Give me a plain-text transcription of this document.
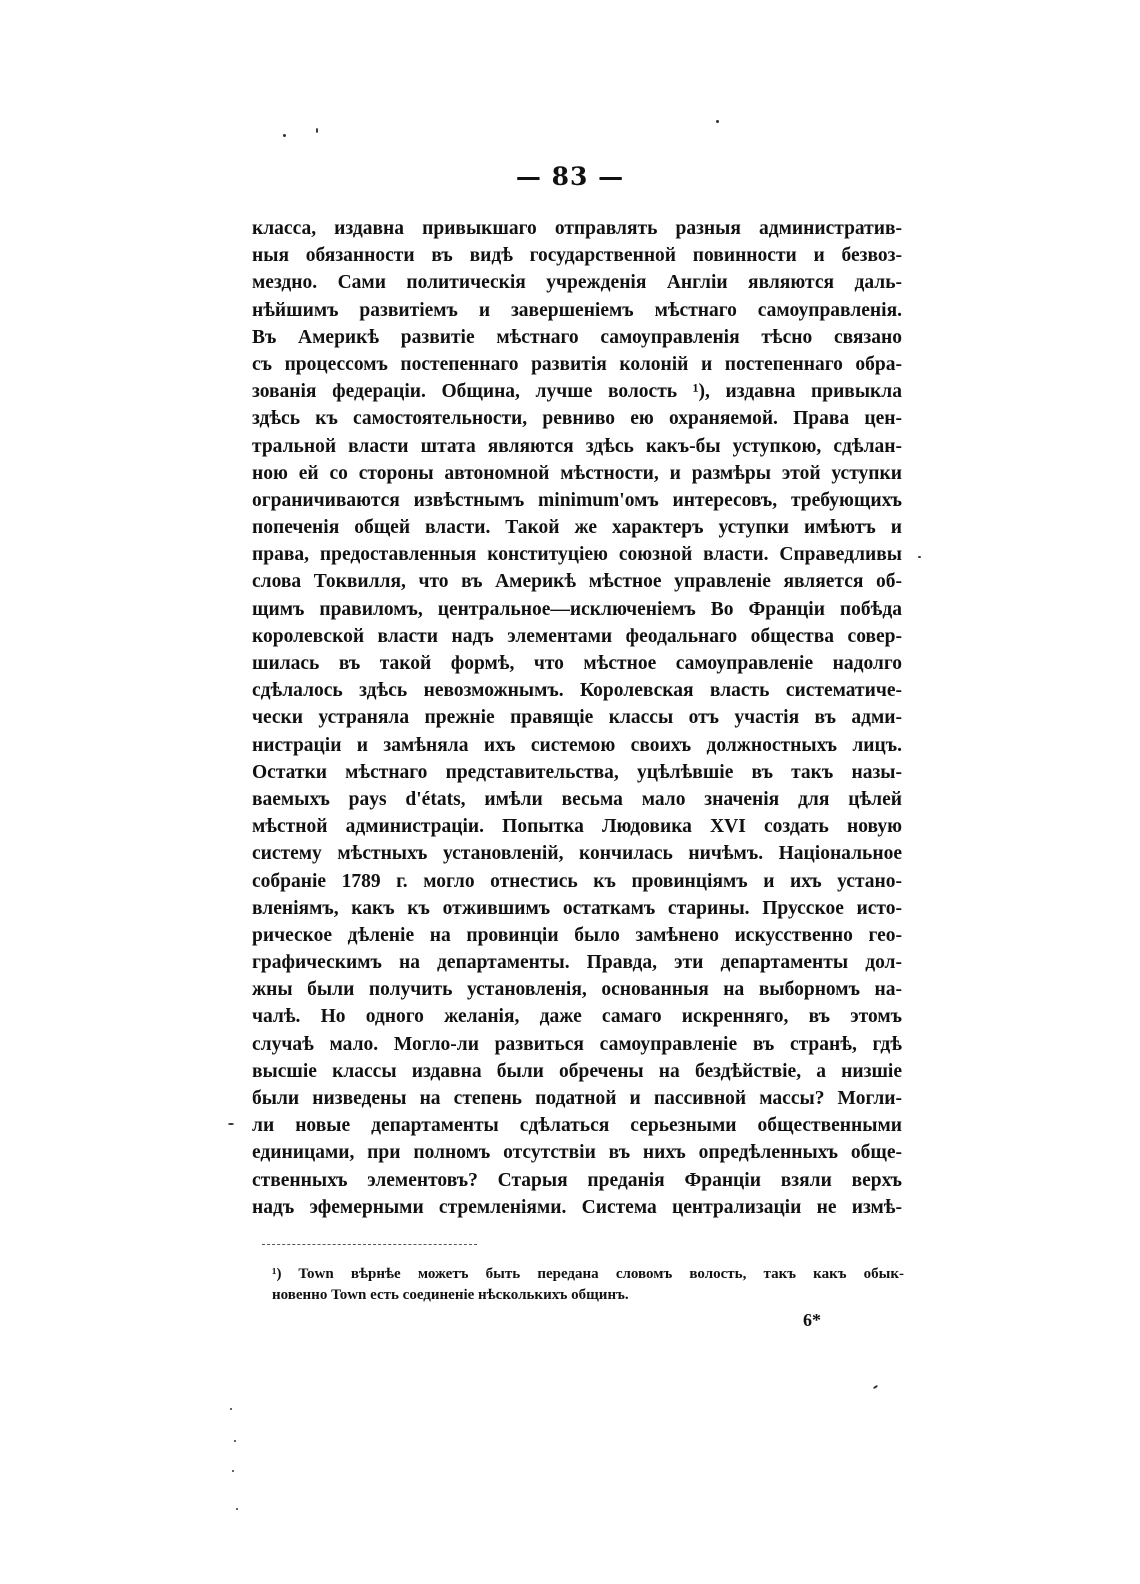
— 83 —
класса, издавна привыкшаго отправлять разныя административ-
ныя обязанности въ видѣ государственной повинности и безвоз-
мездно. Сами политическія учрежденія Англіи являются даль-
нѣйшимъ развитіемъ и завершеніемъ мѣстнаго самоуправленія.
Въ Америкѣ развитіе мѣстнаго самоуправленія тѣсно связано
съ процессомъ постепеннаго развитія колоній и постепеннаго обра-
зованія федераціи. Община, лучше волость ¹), издавна привыкла
здѣсь къ самостоятельности, ревниво ею охраняемой. Права цен-
тральной власти штата являются здѣсь какъ-бы уступкою, сдѣлан-
ною ей со стороны автономной мѣстности, и размѣры этой уступки
ограничиваются извѣстнымъ minimum'омъ интересовъ, требующихъ
попеченія общей власти. Такой же характеръ уступки имѣютъ и
права, предоставленныя конституціею союзной власти. Справедливы
слова Токвилля, что въ Америкѣ мѣстное управленіе является об-
щимъ правиломъ, центральное—исключеніемъ Во Франціи побѣда
королевской власти надъ элементами феодальнаго общества совер-
шилась въ такой формѣ, что мѣстное самоуправленіе надолго
сдѣлалось здѣсь невозможнымъ. Королевская власть систематиче-
чески устраняла прежніе правящіе классы отъ участія въ адми-
нистраціи и замѣняла ихъ системою своихъ должностныхъ лицъ.
Остатки мѣстнаго представительства, уцѣлѣвшіе въ такъ назы-
ваемыхъ pays d'états, имѣли весьма мало значенія для цѣлей
мѣстной администраціи. Попытка Людовика XVI создать новую
систему мѣстныхъ установленій, кончилась ничѣмъ. Національное
собраніе 1789 г. могло отнестись къ провинціямъ и ихъ устано-
вленіямъ, какъ къ отжившимъ остаткамъ старины. Прусское исто-
рическое дѣленіе на провинціи было замѣнено искусственно гео-
графическимъ на департаменты. Правда, эти департаменты дол-
жны были получить установленія, основанныя на выборномъ на-
чалѣ. Но одного желанія, даже самаго искренняго, въ этомъ
случаѣ мало. Могло-ли развиться самоуправленіе въ странѣ, гдѣ
высшіе классы издавна были обречены на бездѣйствіе, а низшіе
были низведены на степень податной и пассивной массы? Могли-
ли новые департаменты сдѣлаться серьезными общественными
единицами, при полномъ отсутствіи въ нихъ опредѣленныхъ обще-
ственныхъ элементовъ? Старыя преданія Франціи взяли верхъ
надъ эфемерными стремленіями. Система централизаціи не измѣ-
¹) Town вѣрнѣе можетъ быть передана словомъ волость, такъ какъ обык-
новенно Town есть соединеніе нѣсколькихъ общинъ.
6*
